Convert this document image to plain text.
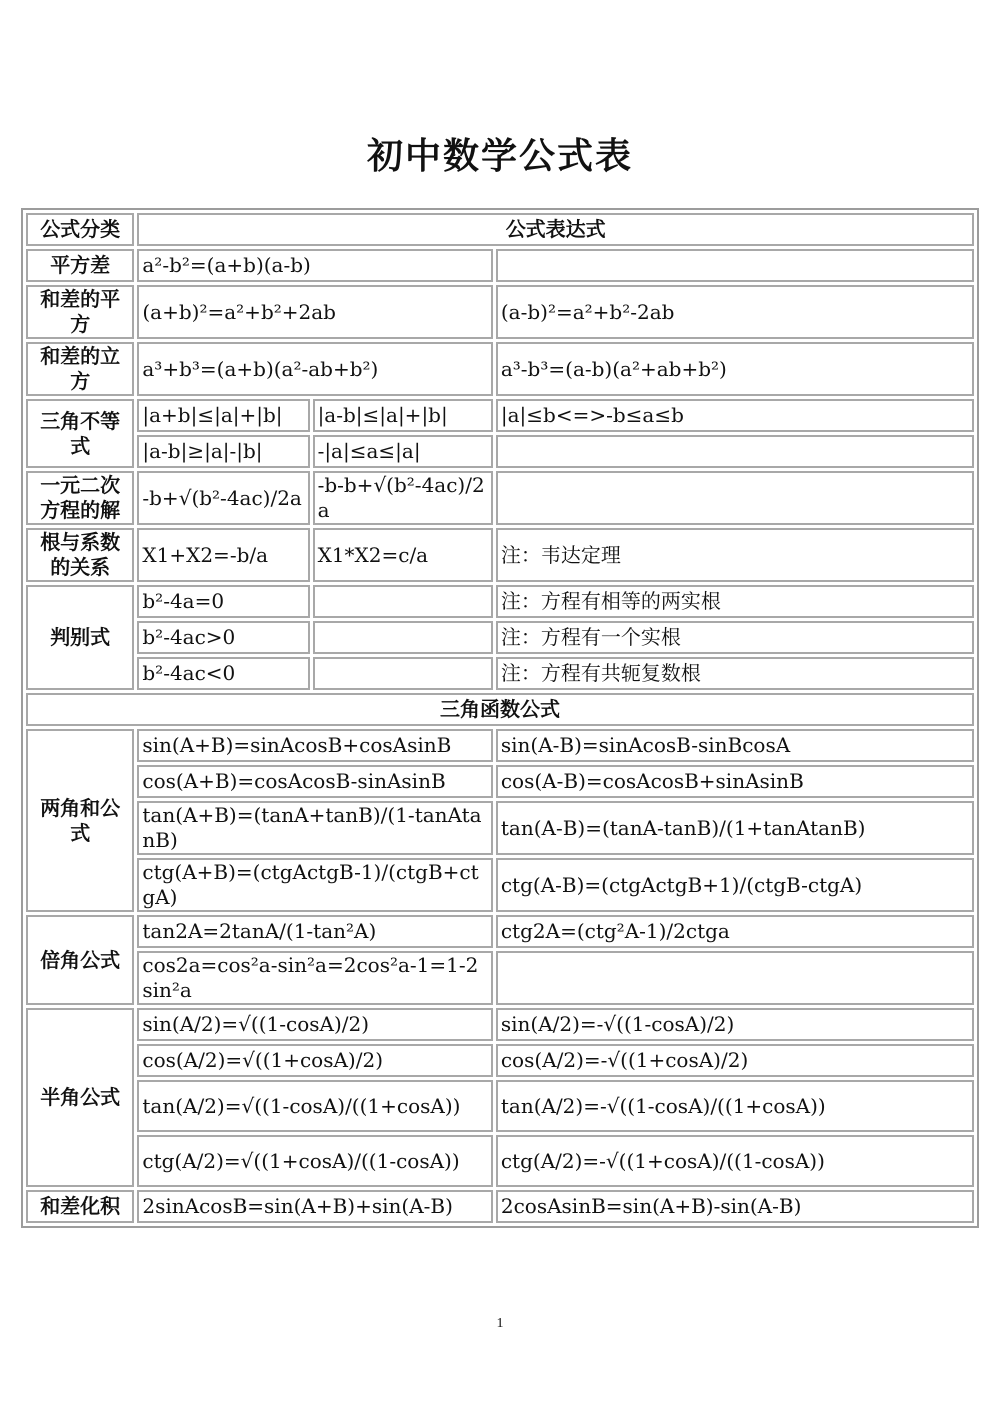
初中数学公式表
公式分类	公式表达式		
平方差	a²-b²=(a+b)(a-b)		
和差的平方	(a+b)²=a²+b²+2ab		(a-b)²=a²+b²-2ab
和差的立方	a³+b³=(a+b)(a²-ab+b²)		a³-b³=(a-b)(a²+ab+b²)
三角不等式	|a+b|≤|a|+|b|	|a-b|≤|a|+|b|	|a|≤b<=>-b≤a≤b
	|a-b|≥|a|-|b|	-|a|≤a≤|a|	
一元二次方程的解	-b+√(b²-4ac)/2a	-b-b+√(b²-4ac)/2a	
根与系数的关系	X1+X2=-b/a	X1*X2=c/a	注：韦达定理
判别式	b²-4a=0		注：方程有相等的两实根
	b²-4ac>0		注：方程有一个实根
	b²-4ac<0		注：方程有共轭复数根
三角函数公式			
两角和公式	sin(A+B)=sinAcosB+cosAsinB		sin(A-B)=sinAcosB-sinBcosA
	cos(A+B)=cosAcosB-sinAsinB		cos(A-B)=cosAcosB+sinAsinB
	tan(A+B)=(tanA+tanB)/(1-tanAtanB)		tan(A-B)=(tanA-tanB)/(1+tanAtanB)
	ctg(A+B)=(ctgActgB-1)/(ctgB+ctgA)		ctg(A-B)=(ctgActgB+1)/(ctgB-ctgA)
倍角公式	tan2A=2tanA/(1-tan²A)		ctg2A=(ctg²A-1)/2ctga
	cos2a=cos²a-sin²a=2cos²a-1=1-2sin²a		
半角公式	sin(A/2)=√((1-cosA)/2)		sin(A/2)=-√((1-cosA)/2)
	cos(A/2)=√((1+cosA)/2)		cos(A/2)=-√((1+cosA)/2)
	tan(A/2)=√((1-cosA)/((1+cosA))		tan(A/2)=-√((1-cosA)/((1+cosA))
	ctg(A/2)=√((1+cosA)/((1-cosA))		ctg(A/2)=-√((1+cosA)/((1-cosA))
和差化积	2sinAcosB=sin(A+B)+sin(A-B)		2cosAsinB=sin(A+B)-sin(A-B)
1
